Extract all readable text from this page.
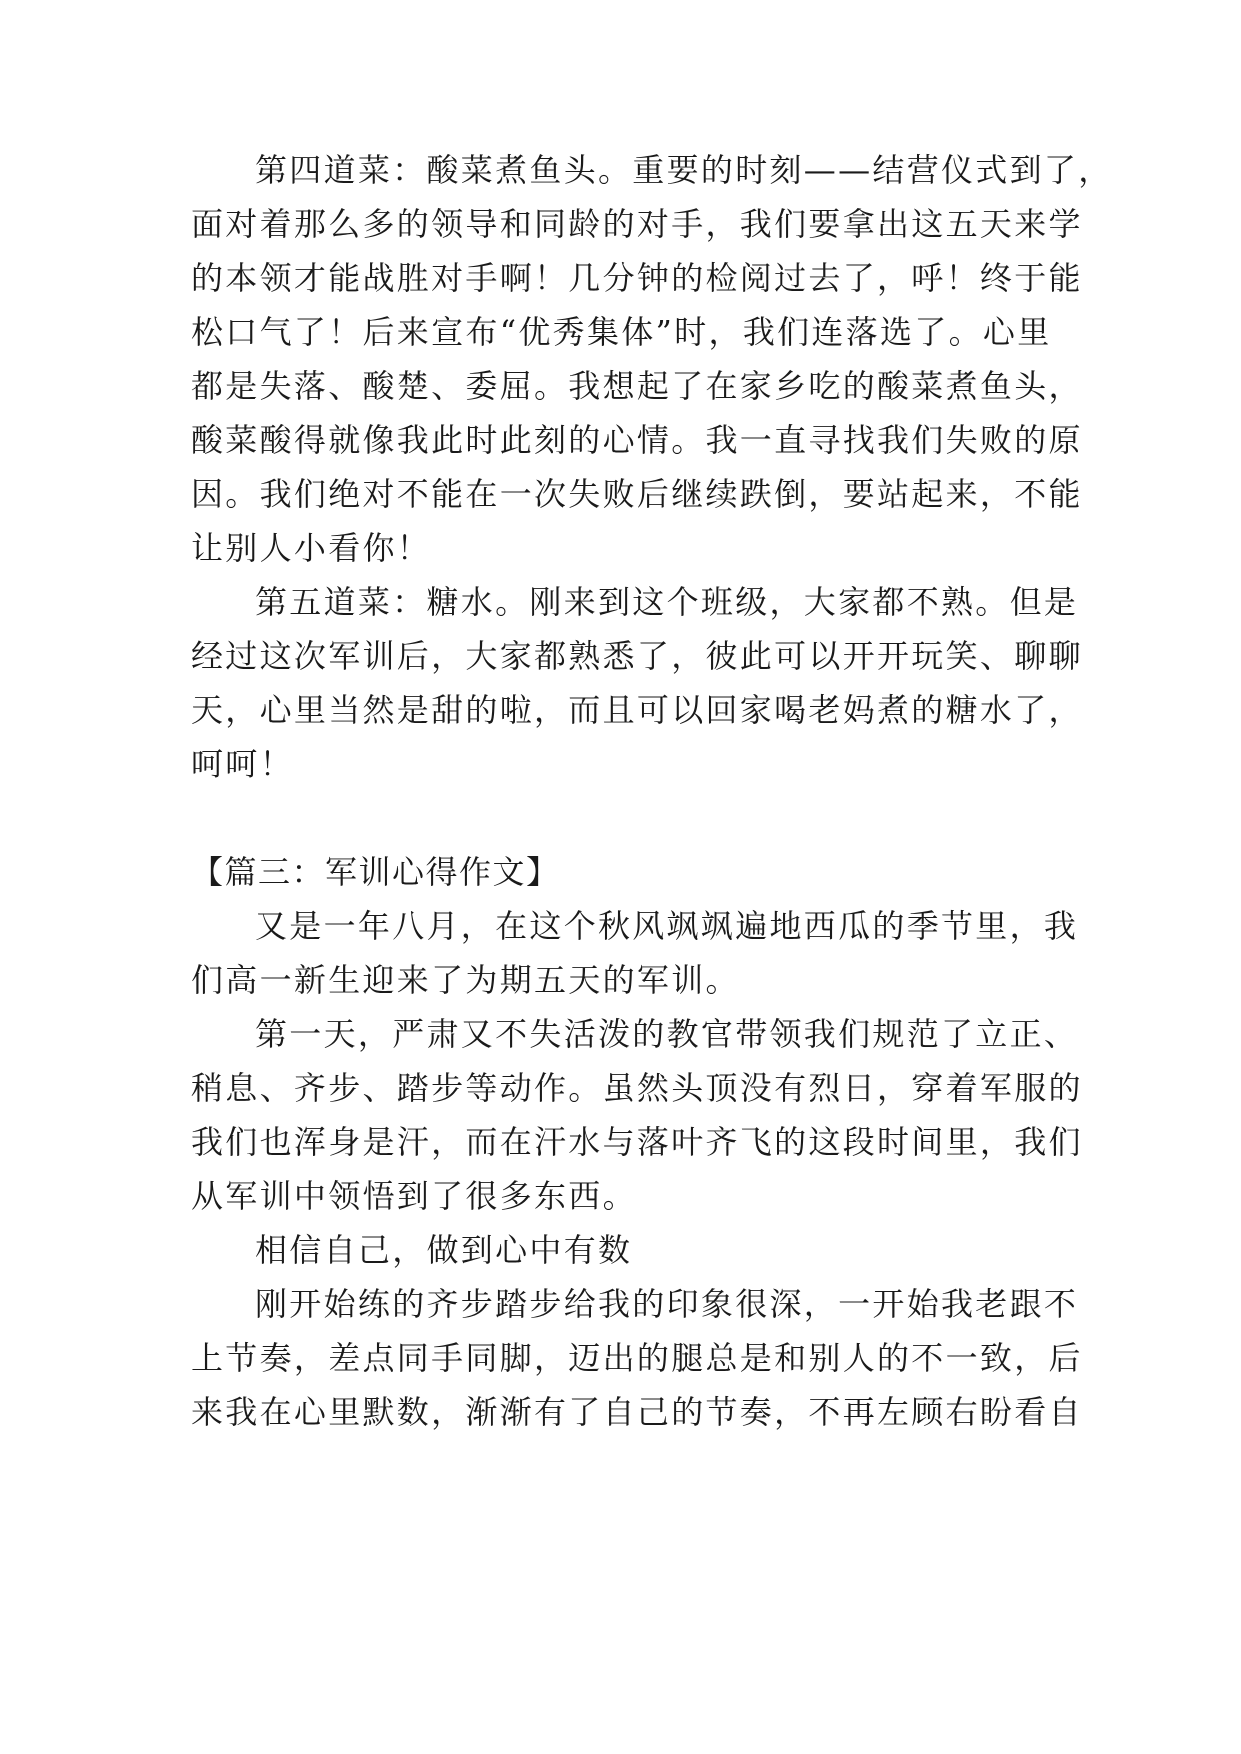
第四道菜：酸菜煮鱼头。重要的时刻——结营仪式到了，

面对着那么多的领导和同龄的对手，我们要拿出这五天来学

的本领才能战胜对手啊！几分钟的检阅过去了，呼！终于能

松口气了！后来宣布“优秀集体”时，我们连落选了。心里

都是失落、酸楚、委屈。我想起了在家乡吃的酸菜煮鱼头，

酸菜酸得就像我此时此刻的心情。我一直寻找我们失败的原

因。我们绝对不能在一次失败后继续跌倒，要站起来，不能

让别人小看你！

第五道菜：糖水。刚来到这个班级，大家都不熟。但是

经过这次军训后，大家都熟悉了，彼此可以开开玩笑、聊聊

天，心里当然是甜的啦，而且可以回家喝老妈煮的糖水了，

呵呵！

【篇三：军训心得作文】

又是一年八月，在这个秋风飒飒遍地西瓜的季节里，我

们高一新生迎来了为期五天的军训。

第一天，严肃又不失活泼的教官带领我们规范了立正、

稍息、齐步、踏步等动作。虽然头顶没有烈日，穿着军服的

我们也浑身是汗，而在汗水与落叶齐飞的这段时间里，我们

从军训中领悟到了很多东西。

相信自己，做到心中有数

刚开始练的齐步踏步给我的印象很深，一开始我老跟不

上节奏，差点同手同脚，迈出的腿总是和别人的不一致，后

来我在心里默数，渐渐有了自己的节奏，不再左顾右盼看自
